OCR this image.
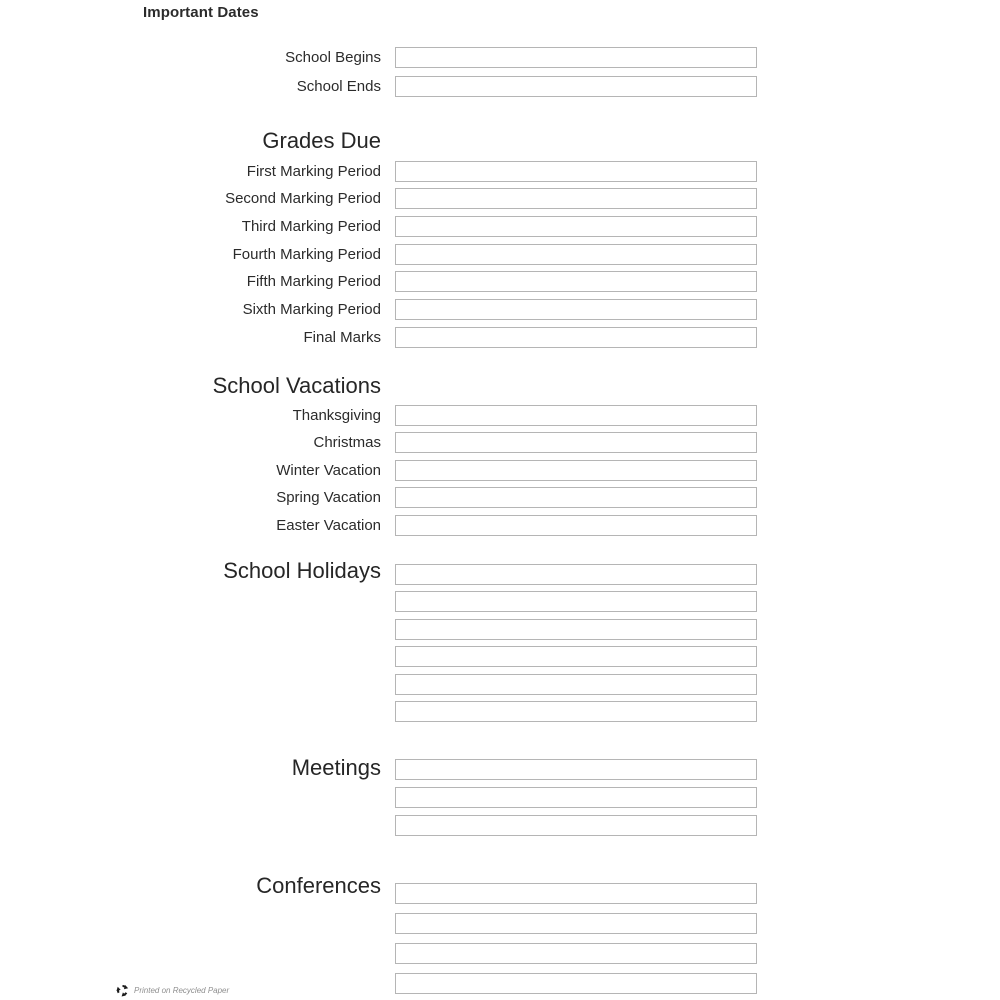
Important Dates
School Begins
School Ends
Grades Due
First Marking Period
Second Marking Period
Third Marking Period
Fourth Marking Period
Fifth Marking Period
Sixth Marking Period
Final Marks
School Vacations
Thanksgiving
Christmas
Winter Vacation
Spring Vacation
Easter Vacation
School Holidays
Meetings
Conferences
Printed on Recycled Paper
